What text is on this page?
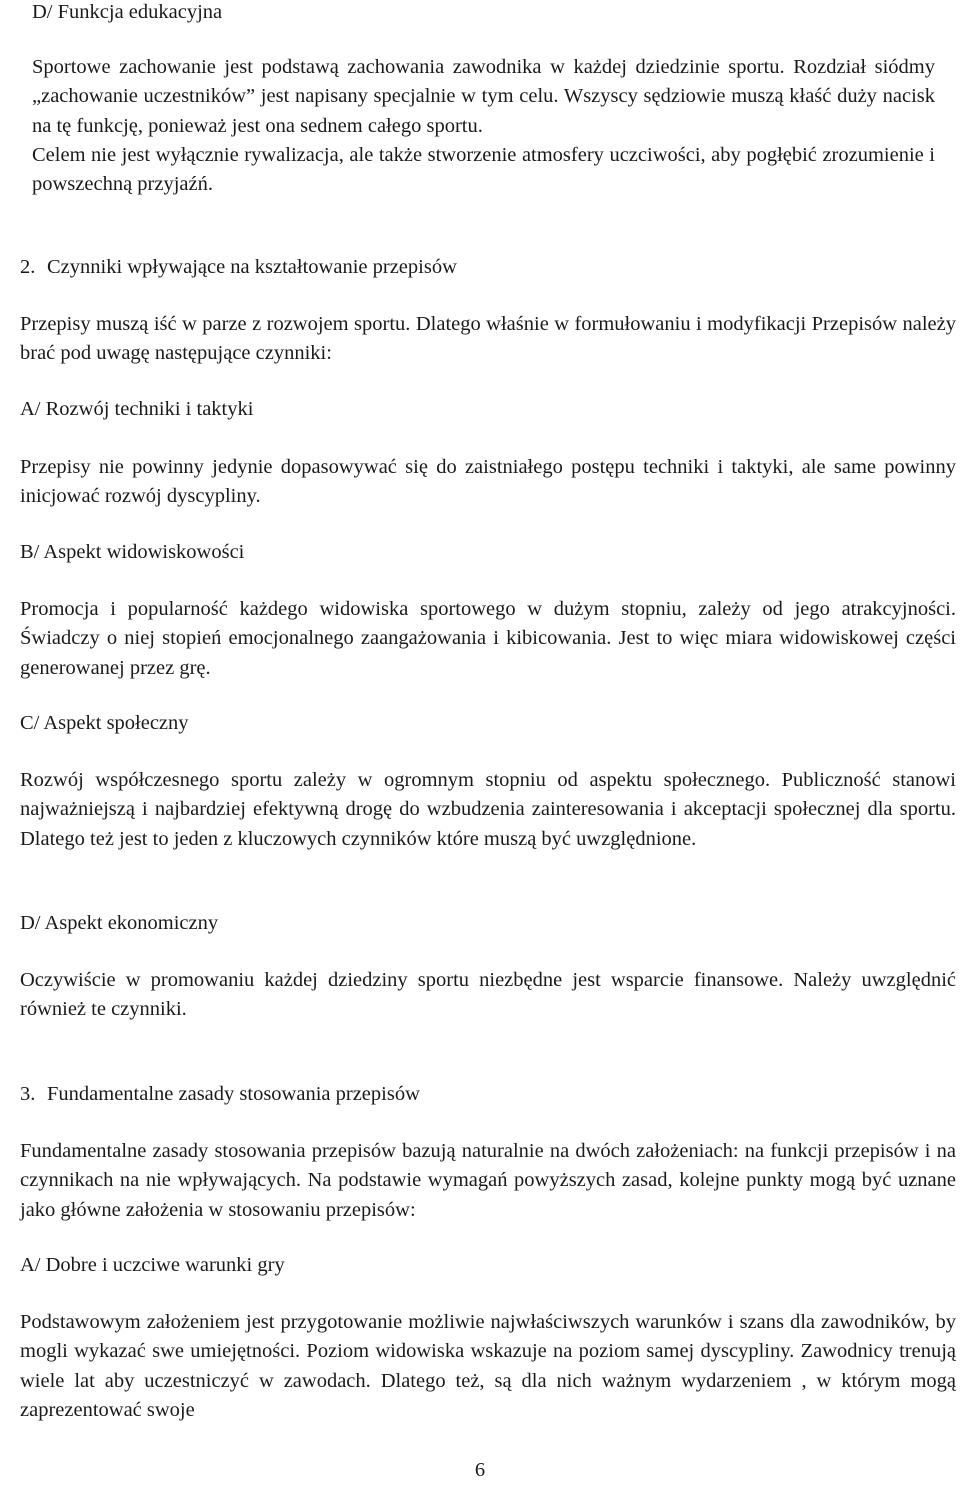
D/ Funkcja edukacyjna

Sportowe zachowanie jest podstawą zachowania zawodnika w każdej dziedzinie sportu. Rozdział siódmy „zachowanie uczestników” jest napisany specjalnie w tym celu. Wszyscy sędziowie muszą kłaść duży nacisk na tę funkcję, ponieważ jest ona sednem całego sportu.

Celem nie jest wyłącznie rywalizacja, ale także stworzenie atmosfery uczciwości, aby pogłębić zrozumienie i powszechną przyjaźń.

2. Czynniki wpływające na kształtowanie przepisów

Przepisy muszą iść w parze z rozwojem sportu. Dlatego właśnie w formułowaniu i modyfikacji Przepisów należy brać pod uwagę następujące czynniki:

A/ Rozwój techniki i taktyki

Przepisy nie powinny jedynie dopasowywać się do zaistniałego postępu techniki i taktyki, ale same powinny inicjować rozwój dyscypliny.

B/ Aspekt widowiskowości

Promocja i popularność każdego widowiska sportowego w dużym stopniu, zależy od jego atrakcyjności. Świadczy o niej stopień emocjonalnego zaangażowania i kibicowania. Jest to więc miara widowiskowej części generowanej przez grę.

C/ Aspekt społeczny

Rozwój współczesnego sportu zależy w ogromnym stopniu od aspektu społecznego. Publiczność stanowi najważniejszą i najbardziej efektywną drogę do wzbudzenia zainteresowania i akceptacji społecznej dla sportu. Dlatego też jest to jeden z kluczowych czynników które muszą być uwzględnione.

D/ Aspekt ekonomiczny

Oczywiście w promowaniu każdej dziedziny sportu niezbędne jest wsparcie finansowe. Należy uwzględnić również te czynniki.

3. Fundamentalne zasady stosowania przepisów

Fundamentalne zasady stosowania przepisów bazują naturalnie na dwóch założeniach: na funkcji przepisów i na czynnikach na nie wpływających. Na podstawie wymagań powyższych zasad, kolejne punkty mogą być uznane jako główne założenia w stosowaniu przepisów:

A/ Dobre i uczciwe warunki gry

Podstawowym założeniem jest przygotowanie możliwie najwłaściwszych warunków i szans dla zawodników, by mogli wykazać swe umiejętności. Poziom widowiska wskazuje na poziom samej dyscypliny. Zawodnicy trenują wiele lat aby uczestniczyć w zawodach. Dlatego też, są dla nich ważnym wydarzeniem , w którym mogą zaprezentować swoje

6
